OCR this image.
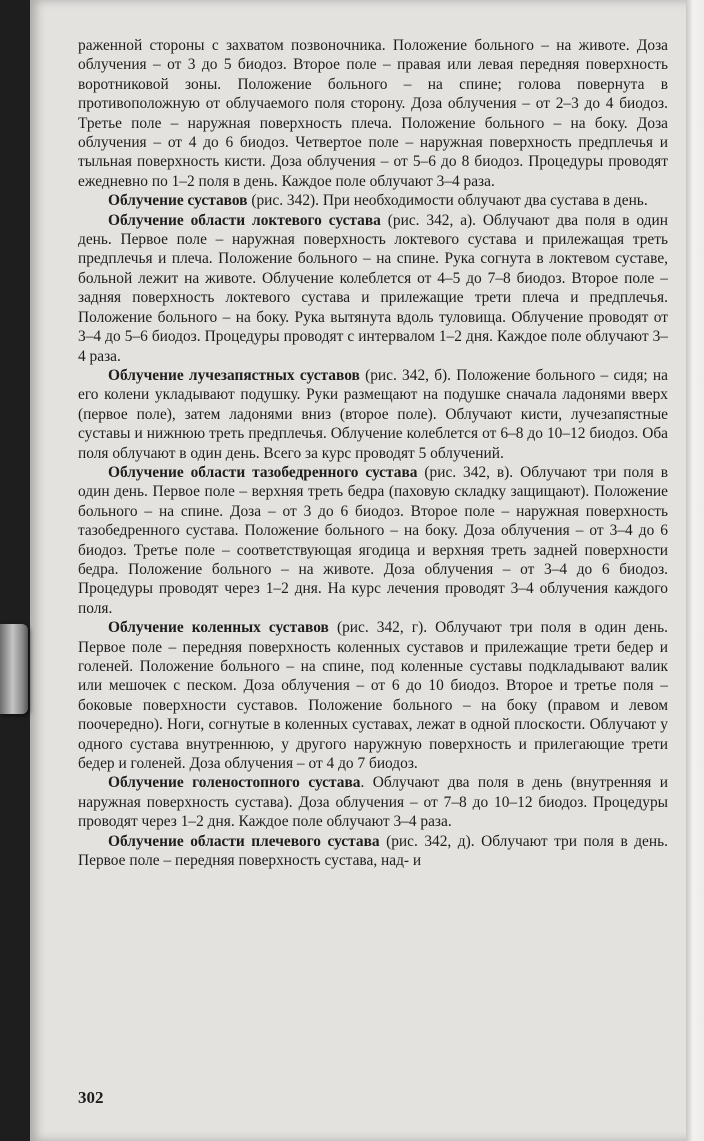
раженной стороны с захватом позвоночника. Положение больного – на животе. Доза облучения – от 3 до 5 биодоз. Второе поле – правая или левая передняя поверхность воротниковой зоны. Положение больного – на спине; голова повернута в противоположную от облучаемого поля сторону. Доза облучения – от 2–3 до 4 биодоз. Третье поле – наружная поверхность плеча. Положение больного – на боку. Доза облучения – от 4 до 6 биодоз. Четвертое поле – наружная поверхность предплечья и тыльная поверхность кисти. Доза облучения – от 5–6 до 8 биодоз. Процедуры проводят ежедневно по 1–2 поля в день. Каждое поле облучают 3–4 раза.

Облучение суставов (рис. 342). При необходимости облучают два сустава в день.

Облучение области локтевого сустава (рис. 342, а). Облучают два поля в один день. Первое поле – наружная поверхность локтевого сустава и прилежащая треть предплечья и плеча. Положение больного – на спине. Рука согнута в локтевом суставе, больной лежит на животе. Облучение колеблется от 4–5 до 7–8 биодоз. Второе поле – задняя поверхность локтевого сустава и прилежащие трети плеча и предплечья. Положение больного – на боку. Рука вытянута вдоль туловища. Облучение проводят от 3–4 до 5–6 биодоз. Процедуры проводят с интервалом 1–2 дня. Каждое поле облучают 3–4 раза.

Облучение лучезапястных суставов (рис. 342, б). Положение больного – сидя; на его колени укладывают подушку. Руки размещают на подушке сначала ладонями вверх (первое поле), затем ладонями вниз (второе поле). Облучают кисти, лучезапястные суставы и нижнюю треть предплечья. Облучение колеблется от 6–8 до 10–12 биодоз. Оба поля облучают в один день. Всего за курс проводят 5 облучений.

Облучение области тазобедренного сустава (рис. 342, в). Облучают три поля в один день. Первое поле – верхняя треть бедра (паховую складку защищают). Положение больного – на спине. Доза – от 3 до 6 биодоз. Второе поле – наружная поверхность тазобедренного сустава. Положение больного – на боку. Доза облучения – от 3–4 до 6 биодоз. Третье поле – соответствующая ягодица и верхняя треть задней поверхности бедра. Положение больного – на животе. Доза облучения – от 3–4 до 6 биодоз. Процедуры проводят через 1–2 дня. На курс лечения проводят 3–4 облучения каждого поля.

Облучение коленных суставов (рис. 342, г). Облучают три поля в один день. Первое поле – передняя поверхность коленных суставов и прилежащие трети бедер и голеней. Положение больного – на спине, под коленные суставы подкладывают валик или мешочек с песком. Доза облучения – от 6 до 10 биодоз. Второе и третье поля – боковые поверхности суставов. Положение больного – на боку (правом и левом поочередно). Ноги, согнутые в коленных суставах, лежат в одной плоскости. Облучают у одного сустава внутреннюю, у другого наружную поверхность и прилегающие трети бедер и голеней. Доза облучения – от 4 до 7 биодоз.

Облучение голеностопного сустава. Облучают два поля в день (внутренняя и наружная поверхность сустава). Доза облучения – от 7–8 до 10–12 биодоз. Процедуры проводят через 1–2 дня. Каждое поле облучают 3–4 раза.

Облучение области плечевого сустава (рис. 342, д). Облучают три поля в день. Первое поле – передняя поверхность сустава, над- и

302
